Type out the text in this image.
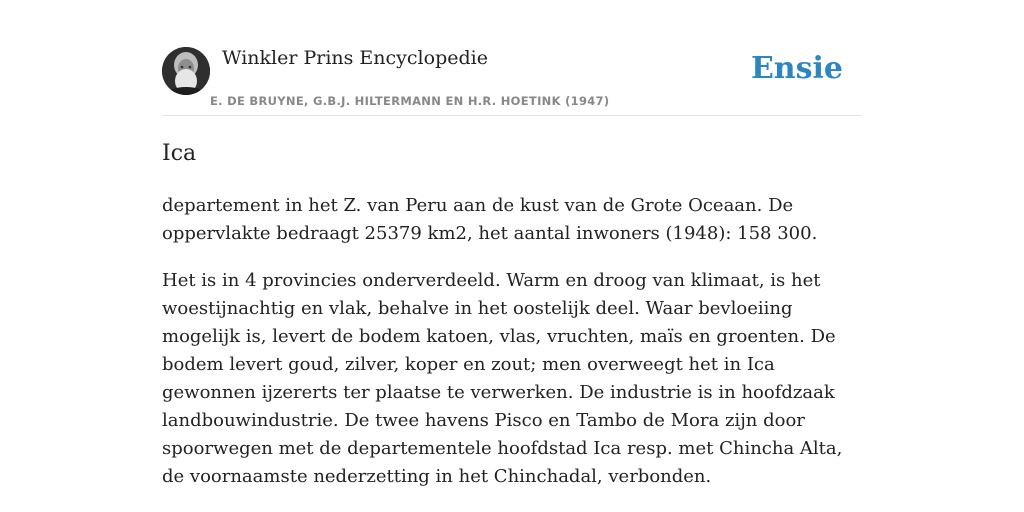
Winkler Prins Encyclopedie
E. DE BRUYNE, G.B.J. HILTERMANN EN H.R. HOETINK (1947)
Ensie
Ica

departement in het Z. van Peru aan de kust van de Grote Oceaan. De oppervlakte bedraagt 25379 km2, het aantal inwoners (1948): 158 300.

Het is in 4 provincies onderverdeeld. Warm en droog van klimaat, is het woestijnachtig en vlak, behalve in het oostelijk deel. Waar bevloeiing mogelijk is, levert de bodem katoen, vlas, vruchten, maïs en groenten. De bodem levert goud, zilver, koper en zout; men overweegt het in Ica gewonnen ijzererts ter plaatse te verwerken. De industrie is in hoofdzaak landbouwindustrie. De twee havens Pisco en Tambo de Mora zijn door spoorwegen met de departementele hoofdstad Ica resp. met Chincha Alta, de voornaamste nederzetting in het Chinchadal, verbonden.
